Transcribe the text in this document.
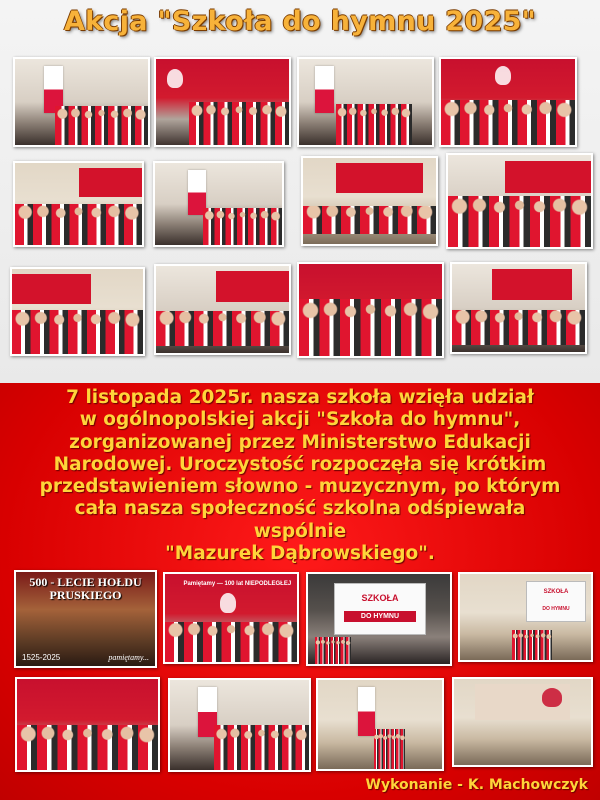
Akcja "Szkoła do hymnu 2025"
7 listopada 2025r. nasza szkoła wzięła udział
w ogólnopolskiej akcji "Szkoła do hymnu",
zorganizowanej przez Ministerstwo Edukacji
Narodowej. Uroczystość rozpoczęła się krótkim
przedstawieniem słowno - muzycznym, po którym
cała nasza społeczność szkolna odśpiewała wspólnie
"Mazurek Dąbrowskiego".
500 - LECIE HOŁDU
PRUSKIEGO
1525-2025	pamiętamy...
Pamiętamy — 100 lat NIEPODLEGŁEJ
SZKOŁA
DO HYMNU
SZKOŁA
DO HYMNU
Wykonanie - K. Machowczyk
